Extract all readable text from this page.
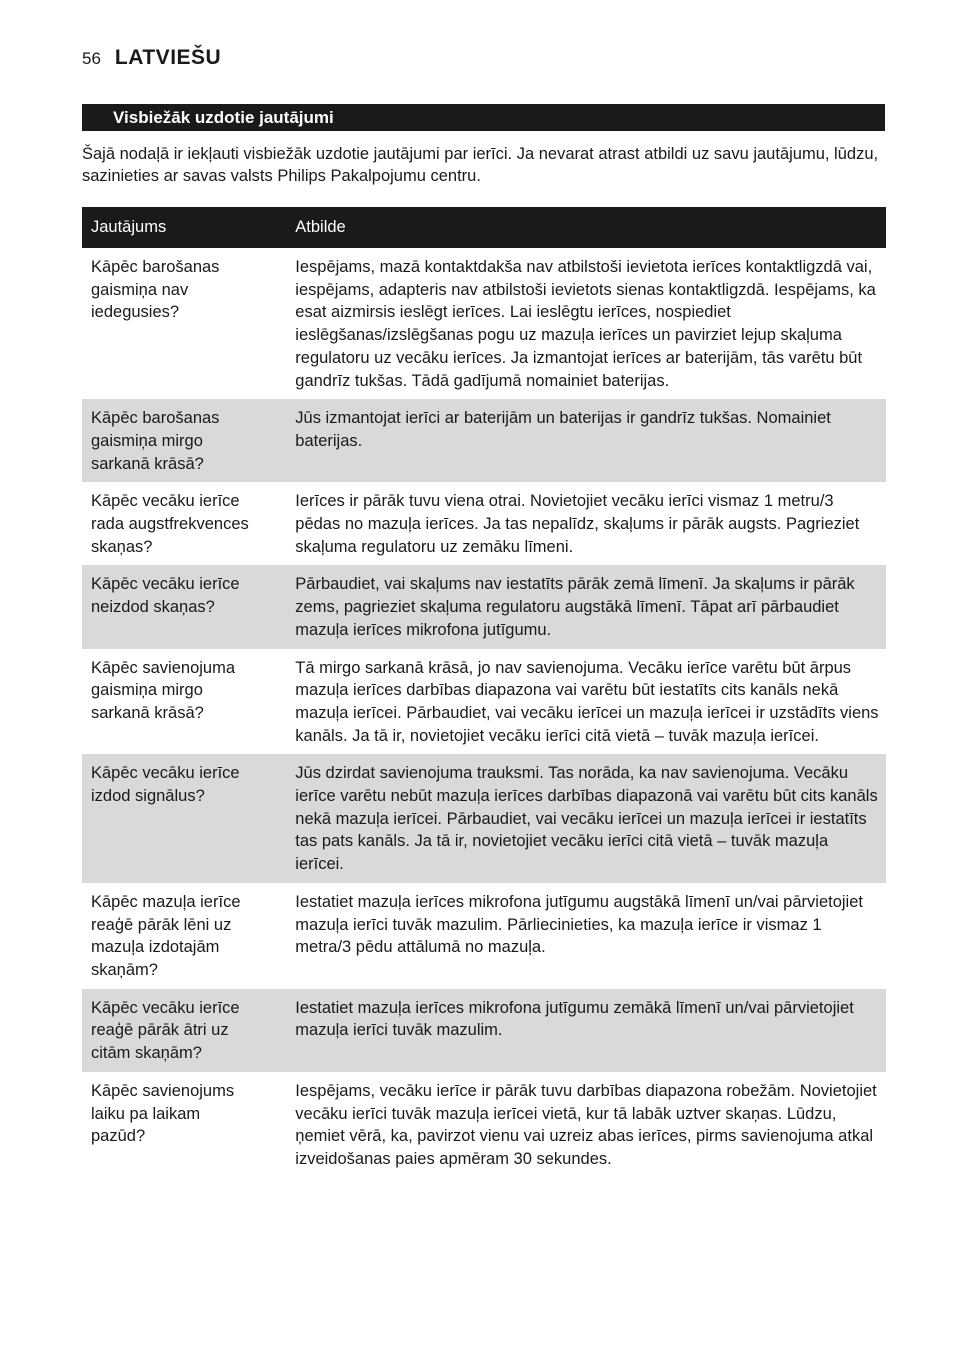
56 LATVIEŠU
Visbiežāk uzdotie jautājumi

Šajā nodaļā ir iekļauti visbiežāk uzdotie jautājumi par ierīci. Ja nevarat atrast atbildi uz savu jautājumu, lūdzu, sazinieties ar savas valsts Philips Pakalpojumu centru.

Jautājums	Atbilde
Kāpēc barošanas gaismiņa nav iedegusies?	Iespējams, mazā kontaktdakša nav atbilstoši ievietota ierīces kontaktligzdā vai, iespējams, adapteris nav atbilstoši ievietots sienas kontaktligzdā. Iespējams, ka esat aizmirsis ieslēgt ierīces. Lai ieslēgtu ierīces, nospiediet ieslēgšanas/izslēgšanas pogu uz mazuļa ierīces un pavirziet lejup skaļuma regulatoru uz vecāku ierīces. Ja izmantojat ierīces ar baterijām, tās varētu būt gandrīz tukšas. Tādā gadījumā nomainiet baterijas.
Kāpēc barošanas gaismiņa mirgo sarkanā krāsā?	Jūs izmantojat ierīci ar baterijām un baterijas ir gandrīz tukšas. Nomainiet baterijas.
Kāpēc vecāku ierīce rada augstfrekvences skaņas?	Ierīces ir pārāk tuvu viena otrai. Novietojiet vecāku ierīci vismaz 1 metru/3 pēdas no mazuļa ierīces. Ja tas nepalīdz, skaļums ir pārāk augsts. Pagrieziet skaļuma regulatoru uz zemāku līmeni.
Kāpēc vecāku ierīce neizdod skaņas?	Pārbaudiet, vai skaļums nav iestatīts pārāk zemā līmenī. Ja skaļums ir pārāk zems, pagrieziet skaļuma regulatoru augstākā līmenī. Tāpat arī pārbaudiet mazuļa ierīces mikrofona jutīgumu.
Kāpēc savienojuma gaismiņa mirgo sarkanā krāsā?	Tā mirgo sarkanā krāsā, jo nav savienojuma. Vecāku ierīce varētu būt ārpus mazuļa ierīces darbības diapazona vai varētu būt iestatīts cits kanāls nekā mazuļa ierīcei. Pārbaudiet, vai vecāku ierīcei un mazuļa ierīcei ir uzstādīts viens kanāls. Ja tā ir, novietojiet vecāku ierīci citā vietā – tuvāk mazuļa ierīcei.
Kāpēc vecāku ierīce izdod signālus?	Jūs dzirdat savienojuma trauksmi. Tas norāda, ka nav savienojuma. Vecāku ierīce varētu nebūt mazuļa ierīces darbības diapazonā vai varētu būt cits kanāls nekā mazuļa ierīcei. Pārbaudiet, vai vecāku ierīcei un mazuļa ierīcei ir iestatīts tas pats kanāls. Ja tā ir, novietojiet vecāku ierīci citā vietā – tuvāk mazuļa ierīcei.
Kāpēc mazuļa ierīce reaģē pārāk lēni uz mazuļa izdotajām skaņām?	Iestatiet mazuļa ierīces mikrofona jutīgumu augstākā līmenī un/vai pārvietojiet mazuļa ierīci tuvāk mazulim. Pārliecinieties, ka mazuļa ierīce ir vismaz 1 metra/3 pēdu attālumā no mazuļa.
Kāpēc vecāku ierīce reaģē pārāk ātri uz citām skaņām?	Iestatiet mazuļa ierīces mikrofona jutīgumu zemākā līmenī un/vai pārvietojiet mazuļa ierīci tuvāk mazulim.
Kāpēc savienojums laiku pa laikam pazūd?	Iespējams, vecāku ierīce ir pārāk tuvu darbības diapazona robežām. Novietojiet vecāku ierīci tuvāk mazuļa ierīcei vietā, kur tā labāk uztver skaņas. Lūdzu, ņemiet vērā, ka, pavirzot vienu vai uzreiz abas ierīces, pirms savienojuma atkal izveidošanas paies apmēram 30 sekundes.
